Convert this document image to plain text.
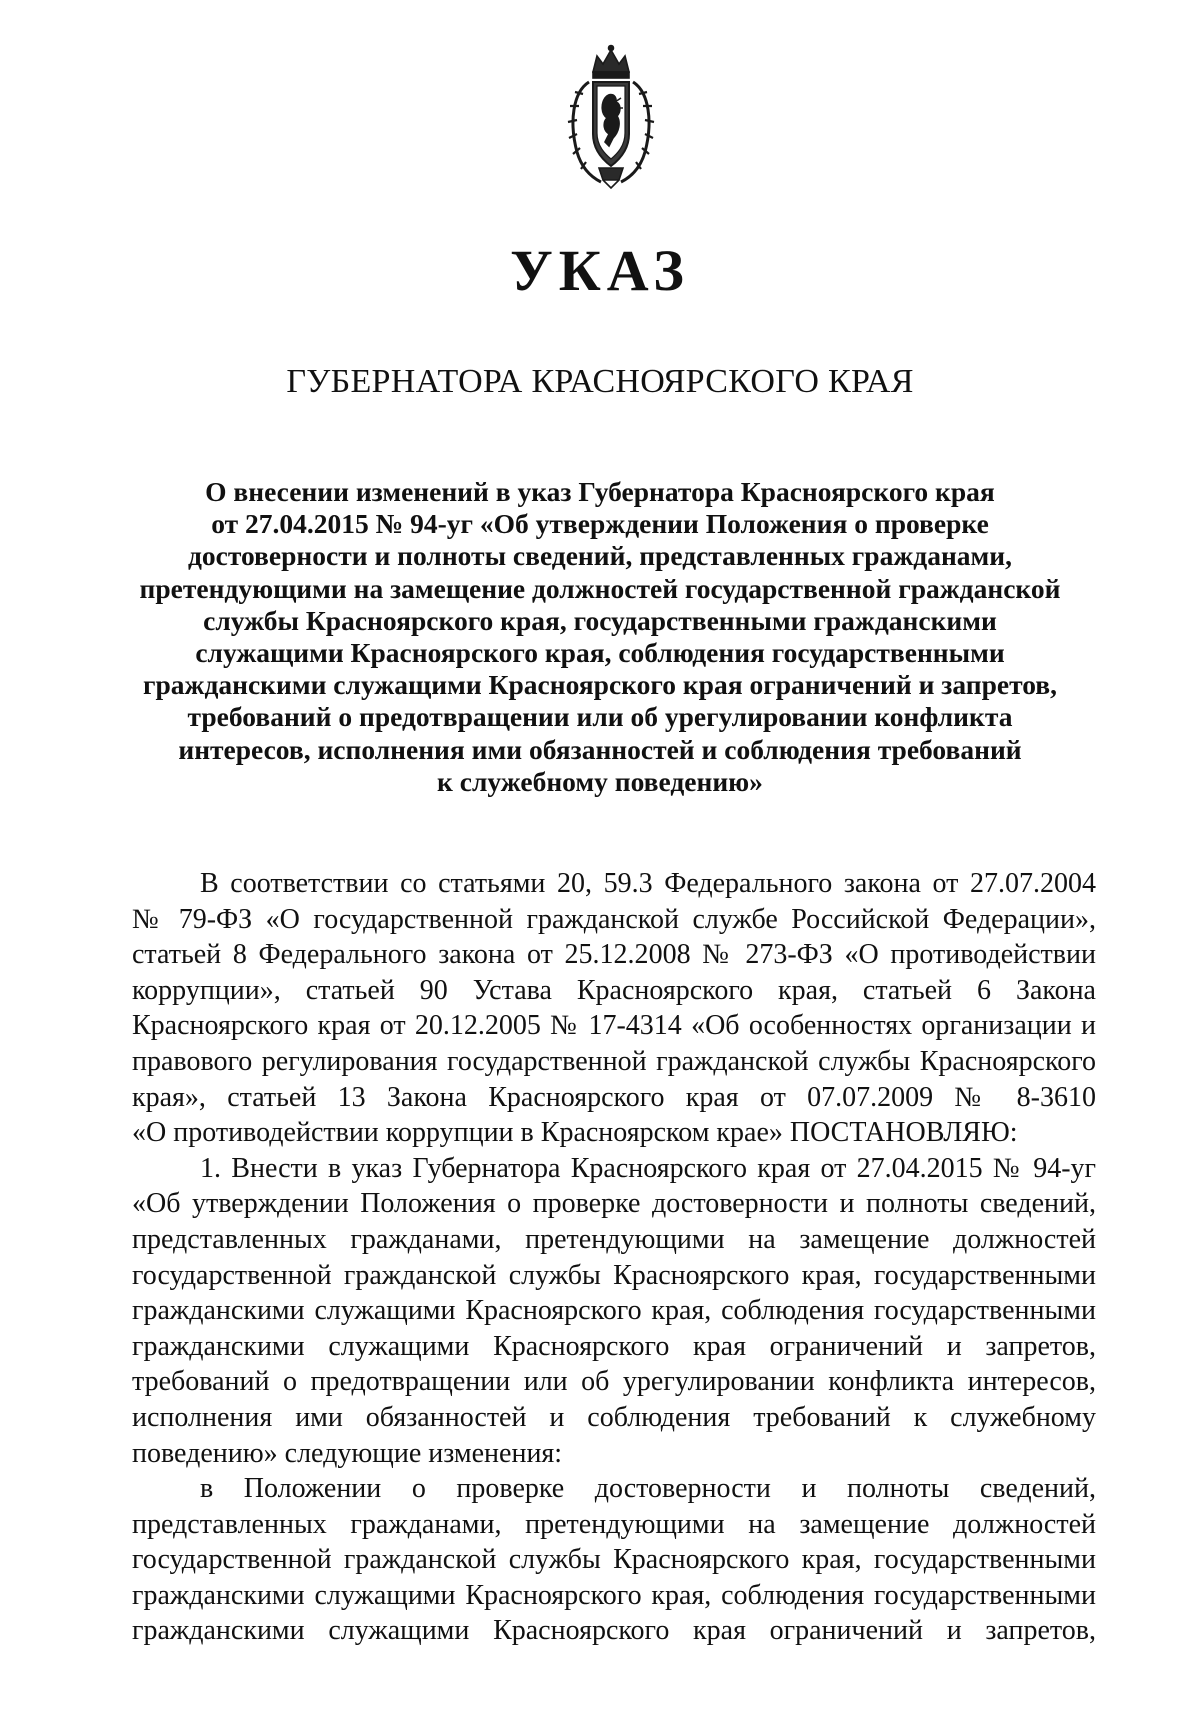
УКАЗ
ГУБЕРНАТОРА КРАСНОЯРСКОГО КРАЯ
О внесении изменений в указ Губернатора Красноярского края
от 27.04.2015 № 94-уг «Об утверждении Положения о проверке
достоверности и полноты сведений, представленных гражданами,
претендующими на замещение должностей государственной гражданской
службы Красноярского края, государственными гражданскими
служащими Красноярского края, соблюдения государственными
гражданскими служащими Красноярского края ограничений и запретов,
требований о предотвращении или об урегулировании конфликта
интересов, исполнения ими обязанностей и соблюдения требований
к служебному поведению»
В соответствии со статьями 20, 59.3 Федерального закона от 27.07.2004
№ 79-ФЗ «О государственной гражданской службе Российской Федерации»,
статьей 8 Федерального закона от 25.12.2008 № 273-ФЗ «О противодействии
коррупции», статьей 90 Устава Красноярского края, статьей 6 Закона
Красноярского края от 20.12.2005 № 17-4314 «Об особенностях организации и
правового регулирования государственной гражданской службы Красноярского
края», статьей 13 Закона Красноярского края от 07.07.2009 № 8-3610
«О противодействии коррупции в Красноярском крае» ПОСТАНОВЛЯЮ:
1. Внести в указ Губернатора Красноярского края от 27.04.2015 № 94-уг
«Об утверждении Положения о проверке достоверности и полноты сведений,
представленных гражданами, претендующими на замещение должностей
государственной гражданской службы Красноярского края, государственными
гражданскими служащими Красноярского края, соблюдения государственными
гражданскими служащими Красноярского края ограничений и запретов,
требований о предотвращении или об урегулировании конфликта интересов,
исполнения ими обязанностей и соблюдения требований к служебному
поведению» следующие изменения:
в Положении о проверке достоверности и полноты сведений,
представленных гражданами, претендующими на замещение должностей
государственной гражданской службы Красноярского края, государственными
гражданскими служащими Красноярского края, соблюдения государственными
гражданскими служащими Красноярского края ограничений и запретов,
